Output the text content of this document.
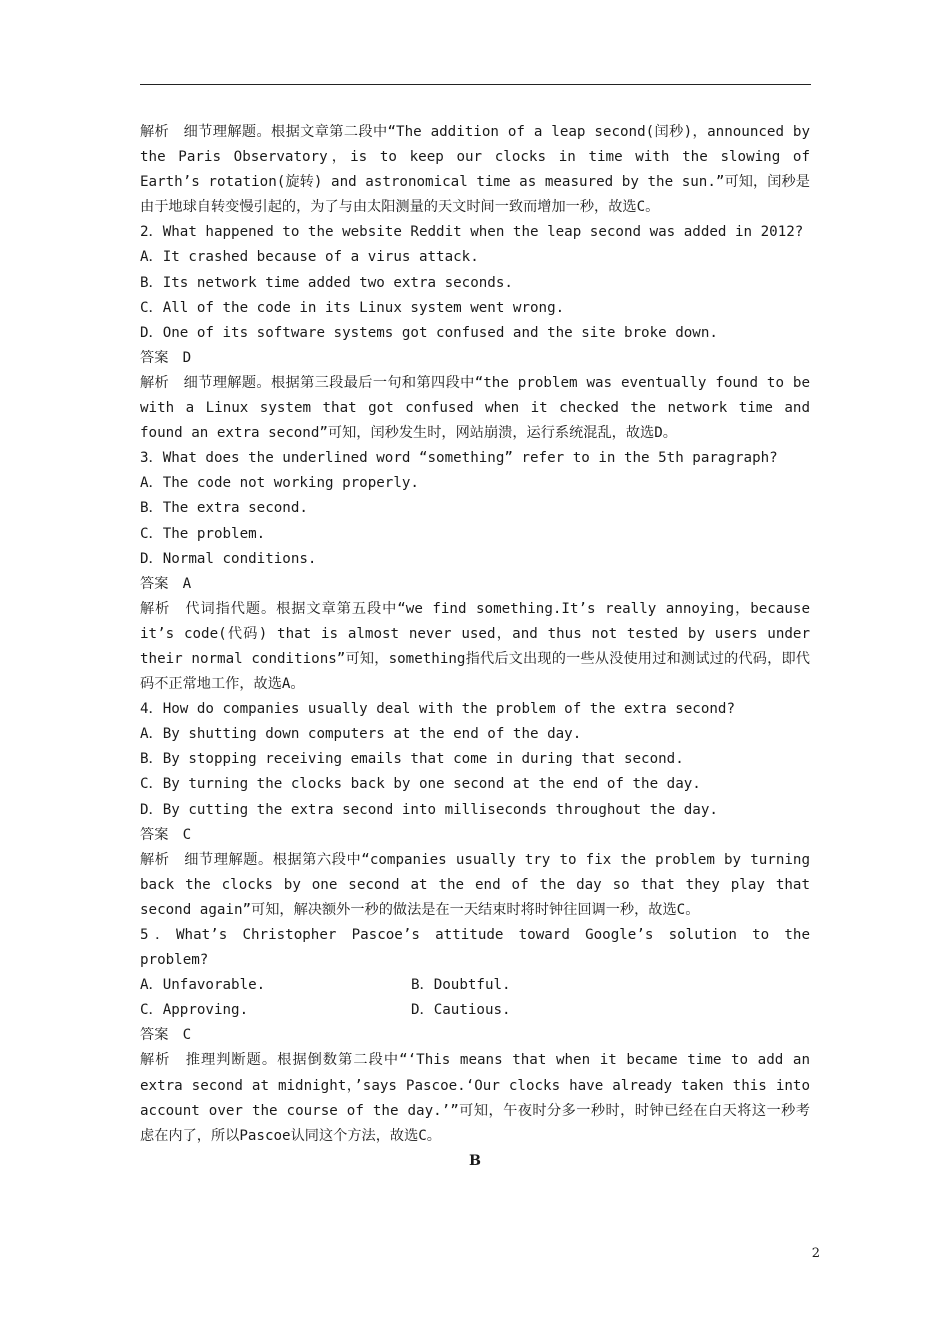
解析　细节理解题。根据文章第二段中“The addition of a leap second(闰秒)，announced by the Paris Observatory，is to keep our clocks in time with the slowing of Earth’s rotation(旋转) and astronomical time as measured by the sun.”可知，闰秒是由于地球自转变慢引起的，为了与由太阳测量的天文时间一致而增加一秒，故选C。

2．What happened to the website Reddit when the leap second was added in 2012?

A．It crashed because of a virus attack.

B．Its network time added two extra seconds.

C．All of the code in its Linux system went wrong.

D．One of its software systems got confused and the site broke down.

答案　D

解析　细节理解题。根据第三段最后一句和第四段中“the problem was eventually found to be with a Linux system that got confused when it checked the network time and found an extra second”可知，闰秒发生时，网站崩溃，运行系统混乱，故选D。

3．What does the underlined word “something” refer to in the 5th paragraph?

A．The code not working properly.

B．The extra second.

C．The problem.

D．Normal conditions.

答案　A

解析　代词指代题。根据文章第五段中“we find something.It’s really annoying，because it’s code(代码) that is almost never used，and thus not tested by users under their normal conditions”可知，something指代后文出现的一些从没使用过和测试过的代码，即代码不正常地工作，故选A。

4．How do companies usually deal with the problem of the extra second?

A．By shutting down computers at the end of the day.

B．By stopping receiving emails that come in during that second.

C．By turning the clocks back by one second at the end of the day.

D．By cutting the extra second into milliseconds throughout the day.

答案　C

解析　细节理解题。根据第六段中“companies usually try to fix the problem by turning back the clocks by one second at the end of the day so that they play that second again”可知，解决额外一秒的做法是在一天结束时将时钟往回调一秒，故选C。

5．What’s Christopher Pascoe’s attitude toward Google’s solution to the problem?

A．Unfavorable.	B．Doubtful.
C．Approving.	D．Cautious.

答案　C

解析　推理判断题。根据倒数第二段中“‘This means that when it became time to add an extra second at midnight，’says Pascoe.‘Our clocks have already taken this into account over the course of the day.’”可知，午夜时分多一秒时，时钟已经在白天将这一秒考虑在内了，所以Pascoe认同这个方法，故选C。

B

2
